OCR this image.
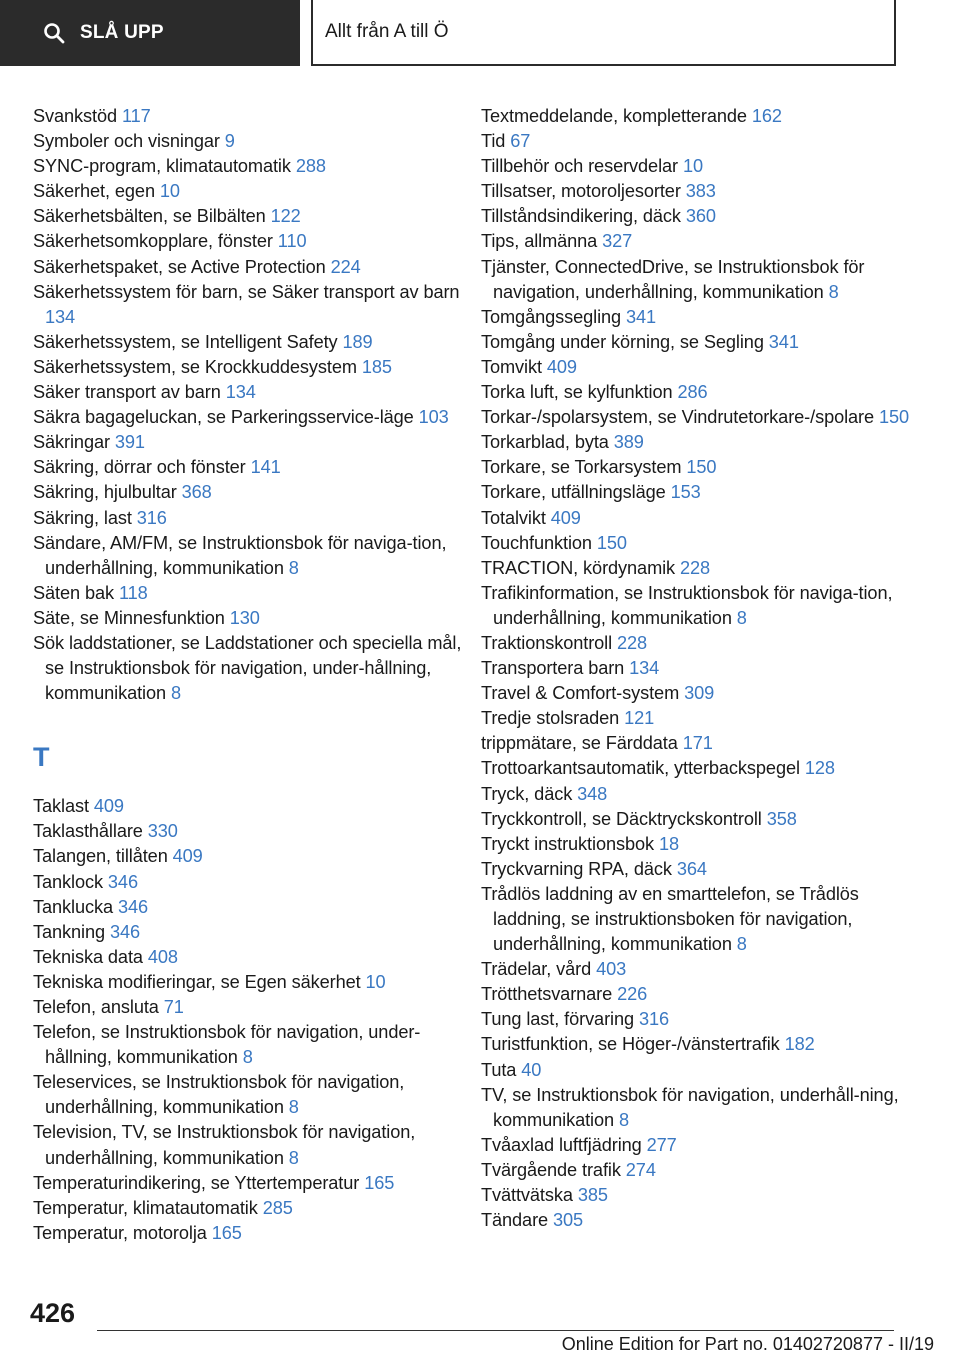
SLÅ UPP	Allt från A till Ö
Svankstöd 117
Symboler och visningar 9
SYNC-program, klimatautomatik 288
Säkerhet, egen 10
Säkerhetsbälten, se Bilbälten 122
Säkerhetsomkopplare, fönster 110
Säkerhetspaket, se Active Protection 224
Säkerhetssystem för barn, se Säker transport av barn 134
Säkerhetssystem, se Intelligent Safety 189
Säkerhetssystem, se Krockkuddesystem 185
Säker transport av barn 134
Säkra bagageluckan, se Parkeringsservice-läge 103
Säkringar 391
Säkring, dörrar och fönster 141
Säkring, hjulbultar 368
Säkring, last 316
Sändare, AM/FM, se Instruktionsbok för naviga-tion, underhållning, kommunikation 8
Säten bak 118
Säte, se Minnesfunktion 130
Sök laddstationer, se Laddstationer och speciella mål, se Instruktionsbok för navigation, under-hållning, kommunikation 8
T
Taklast 409
Taklasthållare 330
Talangen, tillåten 409
Tanklock 346
Tanklucka 346
Tankning 346
Tekniska data 408
Tekniska modifieringar, se Egen säkerhet 10
Telefon, ansluta 71
Telefon, se Instruktionsbok för navigation, under-hållning, kommunikation 8
Teleservices, se Instruktionsbok för navigation, underhållning, kommunikation 8
Television, TV, se Instruktionsbok för navigation, underhållning, kommunikation 8
Temperaturindikering, se Yttertemperatur 165
Temperatur, klimatautomatik 285
Temperatur, motorolja 165
Textmeddelande, kompletterande 162
Tid 67
Tillbehör och reservdelar 10
Tillsatser, motoroljesorter 383
Tillståndsindikering, däck 360
Tips, allmänna 327
Tjänster, ConnectedDrive, se Instruktionsbok för navigation, underhållning, kommunikation 8
Tomgångssegling 341
Tomgång under körning, se Segling 341
Tomvikt 409
Torka luft, se kylfunktion 286
Torkar-/spolarsystem, se Vindrutetorkare-/spolare 150
Torkarblad, byta 389
Torkare, se Torkarsystem 150
Torkare, utfällningsläge 153
Totalvikt 409
Touchfunktion 150
TRACTION, kördynamik 228
Trafikinformation, se Instruktionsbok för naviga-tion, underhållning, kommunikation 8
Traktionskontroll 228
Transportera barn 134
Travel & Comfort-system 309
Tredje stolsraden 121
trippmätare, se Färddata 171
Trottoarkantsautomatik, ytterbackspegel 128
Tryck, däck 348
Tryckkontroll, se Däcktryckskontroll 358
Tryckt instruktionsbok 18
Tryckvarning RPA, däck 364
Trådlös laddning av en smarttelefon, se Trådlös laddning, se instruktionsboken för navigation, underhållning, kommunikation 8
Trädelar, vård 403
Trötthetsvarnare 226
Tung last, förvaring 316
Turistfunktion, se Höger-/vänstertrafik 182
Tuta 40
TV, se Instruktionsbok för navigation, underhåll-ning, kommunikation 8
Tvåaxlad luftfjädring 277
Tvärgående trafik 274
Tvättvätska 385
Tändare 305
426
Online Edition for Part no. 01402720877 - II/19
